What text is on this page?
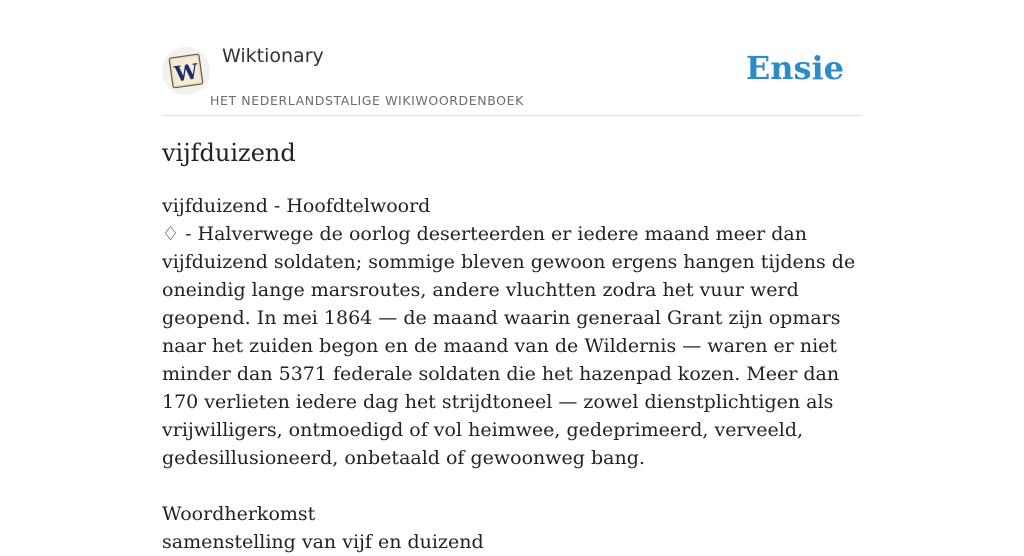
W
Wiktionary
HET NEDERLANDSTALIGE WIKIWOORDENBOEK
Ensie
vijfduizend

vijfduizend - Hoofdtelwoord

♢ - Halverwege de oorlog deserteerden er iedere maand meer dan vijfduizend soldaten; sommige bleven gewoon ergens hangen tijdens de oneindig lange marsroutes, andere vluchtten zodra het vuur werd geopend. In mei 1864 — de maand waarin generaal Grant zijn opmars naar het zuiden begon en de maand van de Wildernis — waren er niet minder dan 5371 federale soldaten die het hazenpad kozen. Meer dan 170 verlieten iedere dag het strijdtoneel — zowel dienstplichtigen als vrijwilligers, ontmoedigd of vol heimwee, gedeprimeerd, verveeld, gedesillusioneerd, onbetaald of gewoonweg bang.

Woordherkomst

samenstelling van vijf en duizend
